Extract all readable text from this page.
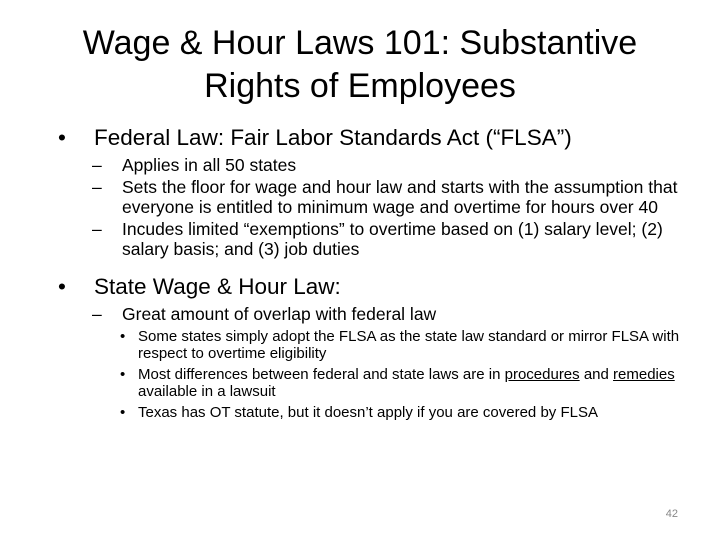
Wage & Hour Laws 101: Substantive
Rights of Employees
• Federal Law: Fair Labor Standards Act (“FLSA”)
– Applies in all 50 states
– Sets the floor for wage and hour law and starts with the assumption that everyone is entitled to minimum wage and overtime for hours over 40
– Incudes limited “exemptions” to overtime based on (1) salary level; (2) salary basis; and (3) job duties
• State Wage & Hour Law:
– Great amount of overlap with federal law
• Some states simply adopt the FLSA as the state law standard or mirror FLSA with respect to overtime eligibility
• Most differences between federal and state laws are in procedures and remedies available in a lawsuit
• Texas has OT statute, but it doesn’t apply if you are covered by FLSA
42
